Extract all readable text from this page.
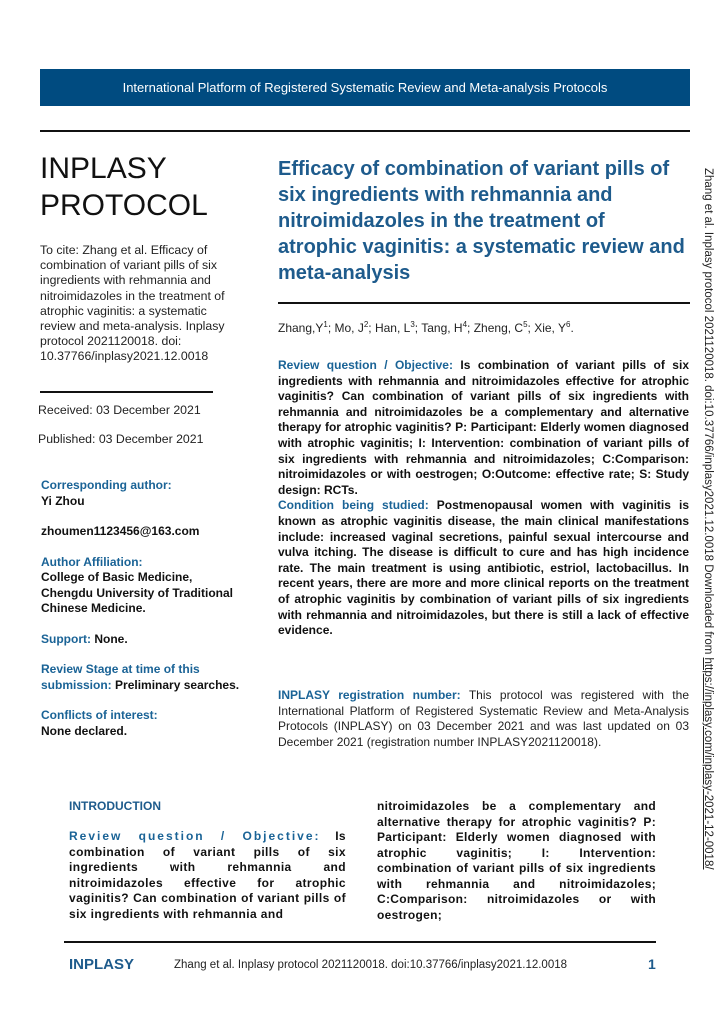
International Platform of Registered Systematic Review and Meta-analysis Protocols
INPLASY
PROTOCOL
To cite: Zhang et al. Efficacy of combination of variant pills of six ingredients with rehmannia and nitroimidazoles in the treatment of atrophic vaginitis: a systematic review and meta-analysis. Inplasy protocol 2021120018. doi: 10.37766/inplasy2021.12.0018
Received: 03 December 2021
Published: 03 December 2021
Corresponding author:
Yi Zhou
zhoumen1123456@163.com
Author Affiliation:
College of Basic Medicine, Chengdu University of Traditional Chinese Medicine.
Support: None.
Review Stage at time of this submission: Preliminary searches.
Conflicts of interest:
None declared.
Efficacy of combination of variant pills of six ingredients with rehmannia and nitroimidazoles in the treatment of atrophic vaginitis: a systematic review and meta-analysis
$Zhang,Y^1$; Mo, $J^2$; Han, $L^3$; Tang, $H^4$; Zheng, $C^5$; Xie, $Y^6$.
Review question / Objective: Is combination of variant pills of six ingredients with rehmannia and nitroimidazoles effective for atrophic vaginitis? Can combination of variant pills of six ingredients with rehmannia and nitroimidazoles be a complementary and alternative therapy for atrophic vaginitis? P: Participant: Elderly women diagnosed with atrophic vaginitis; I: Intervention: combination of variant pills of six ingredients with rehmannia and nitroimidazoles; C:Comparison: nitroimidazoles or with oestrogen; O:Outcome: effective rate; S: Study design: RCTs.
Condition being studied: Postmenopausal women with vaginitis is known as atrophic vaginitis disease, the main clinical manifestations include: increased vaginal secretions, painful sexual intercourse and vulva itching. The disease is difficult to cure and has high incidence rate. The main treatment is using antibiotic, estriol, lactobacillus. In recent years, there are more and more clinical reports on the treatment of atrophic vaginitis by combination of variant pills of six ingredients with rehmannia and nitroimidazoles, but there is still a lack of effective evidence.
INPLASY registration number: This protocol was registered with the International Platform of Registered Systematic Review and Meta-Analysis Protocols (INPLASY) on 03 December 2021 and was last updated on 03 December 2021 (registration number INPLASY2021120018).
INTRODUCTION
Review question / Objective: Is combination of variant pills of six ingredients with rehmannia and nitroimidazoles effective for atrophic vaginitis? Can combination of variant pills of six ingredients with rehmannia and
nitroimidazoles be a complementary and alternative therapy for atrophic vaginitis? P: Participant: Elderly women diagnosed with atrophic vaginitis; I: Intervention: combination of variant pills of six ingredients with rehmannia and nitroimidazoles; C:Comparison: nitroimidazoles or with oestrogen;
INPLASY	Zhang et al. Inplasy protocol 2021120018. doi:10.37766/inplasy2021.12.0018	1
Zhang et al. Inplasy protocol 2021120018. doi:10.37766/inplasy2021.12.0018 Downloaded from https://inplasy.com/inplasy-2021-12-0018/
